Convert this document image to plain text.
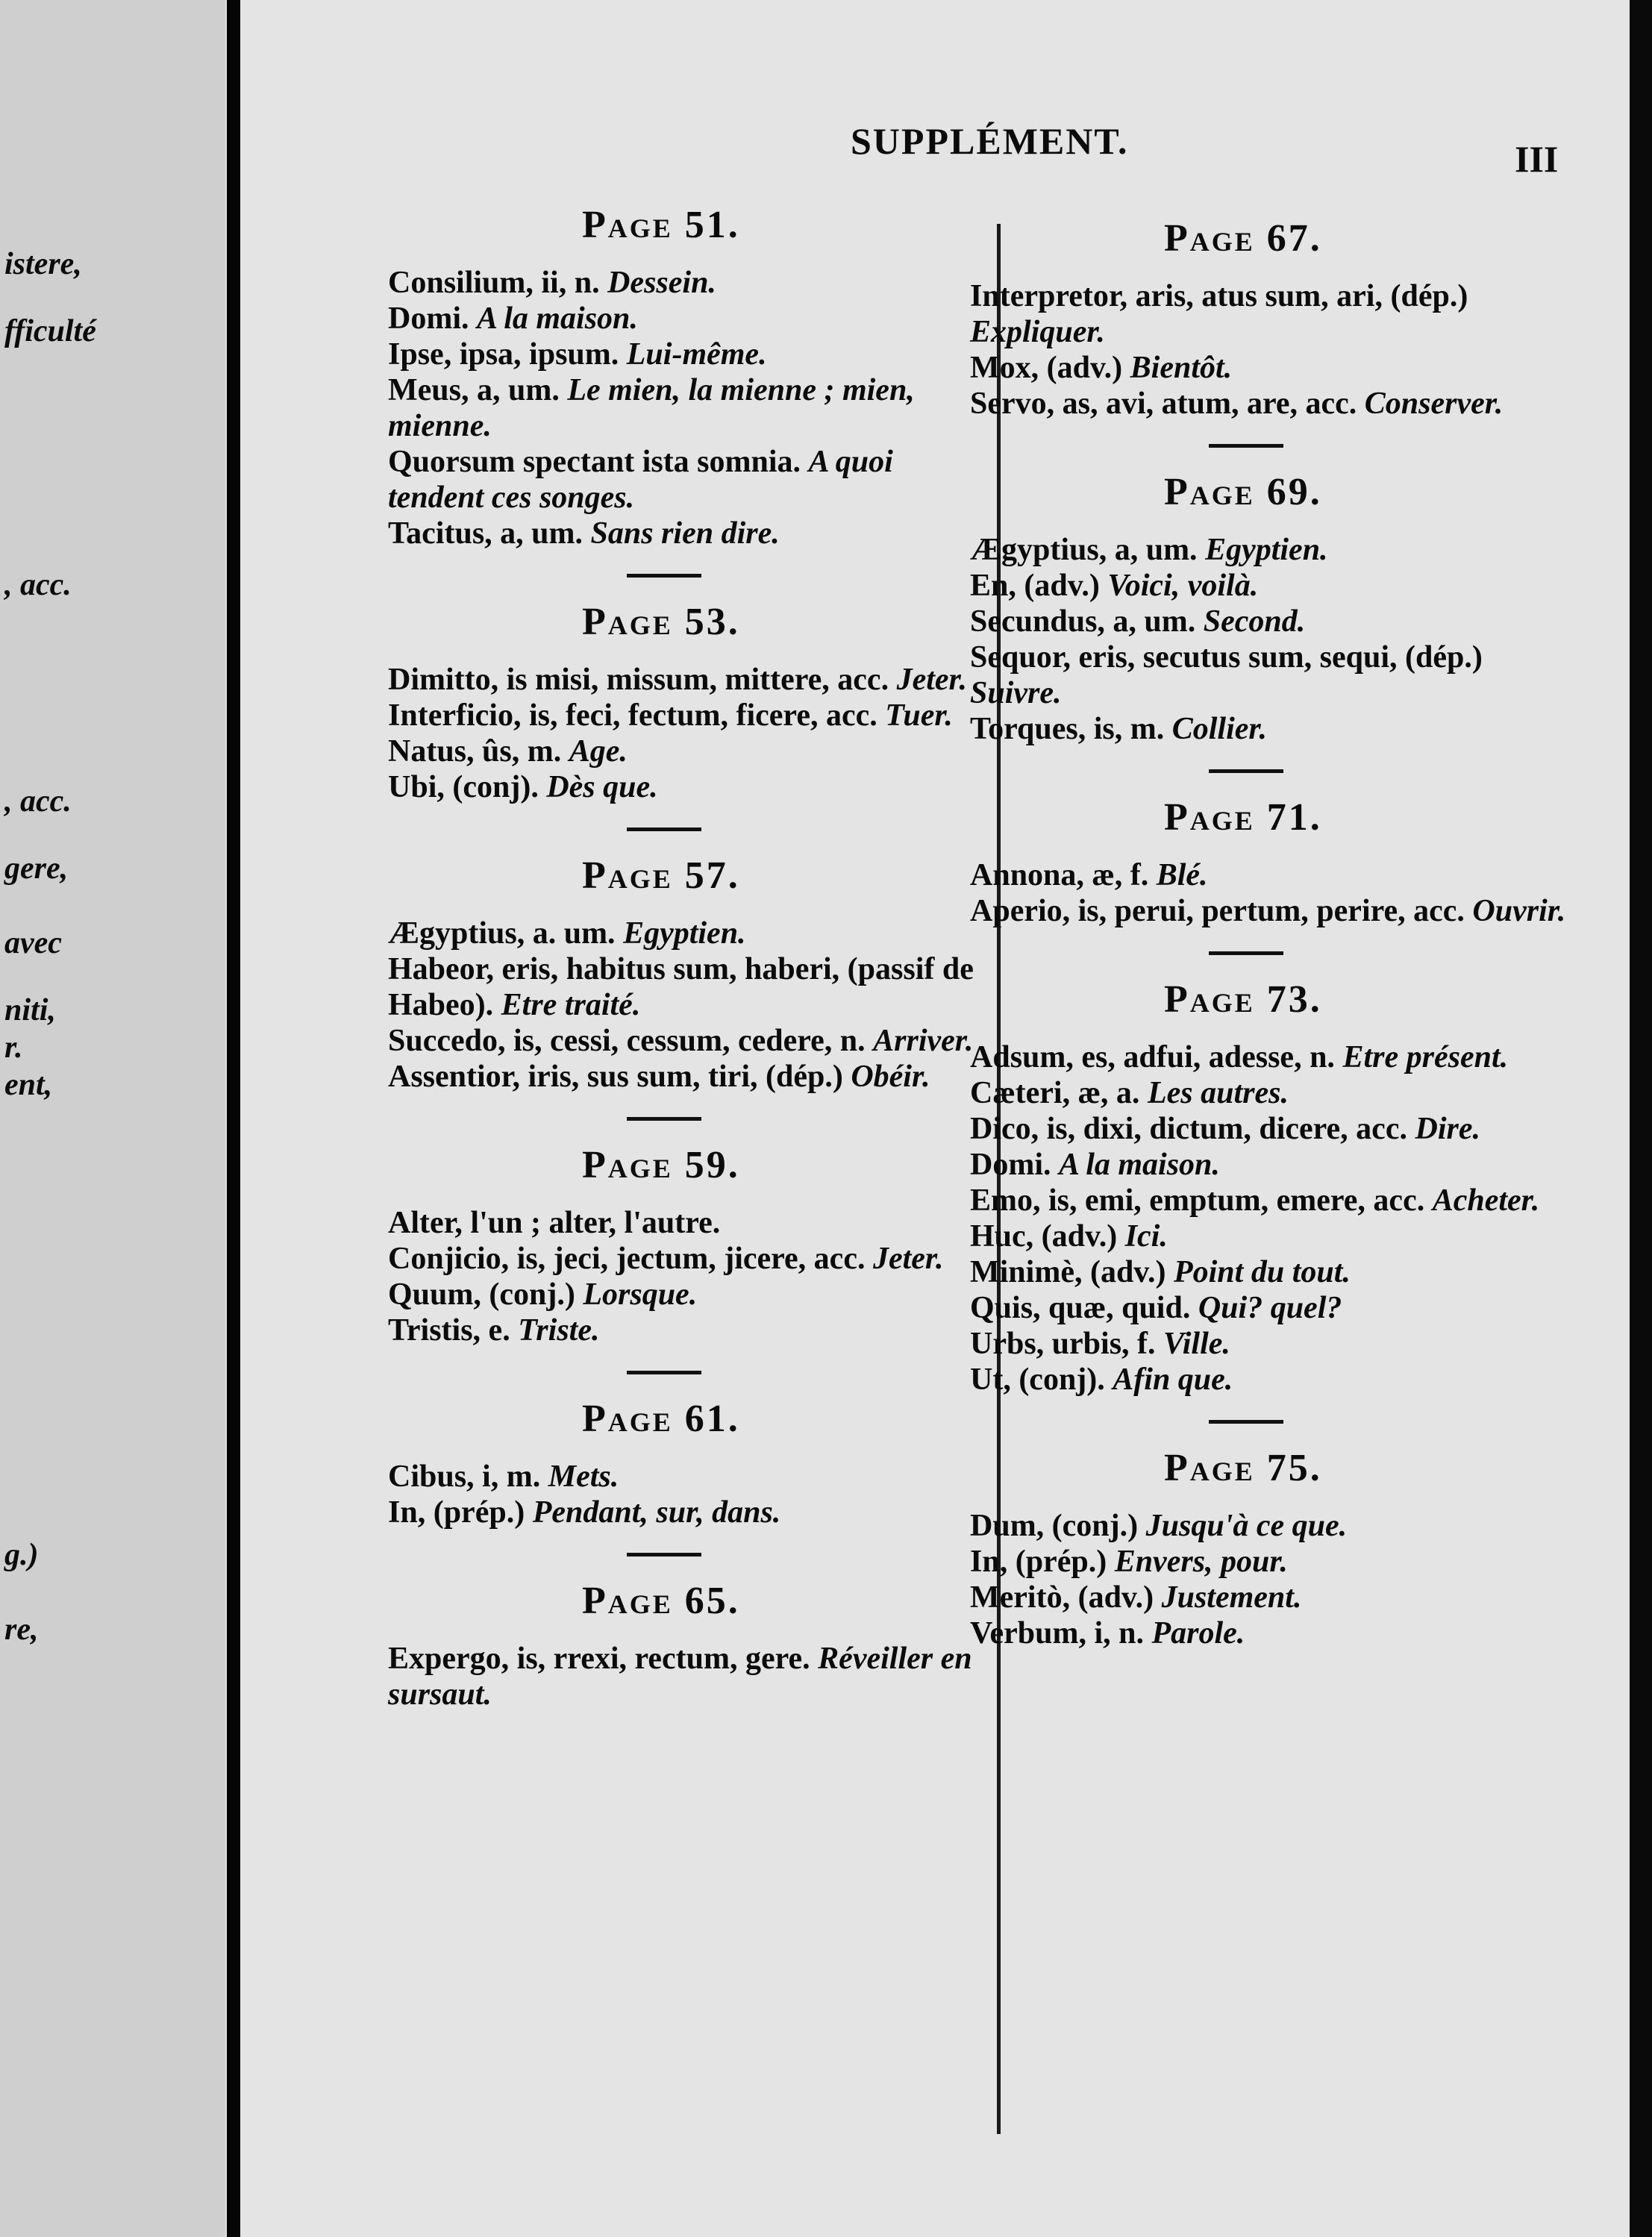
istere,
fficulté
, acc.
, acc.
gere,
avec
niti,
r.
ent,
g.)
re,
SUPPLÉMENT.	III
Page 51.
Consilium, ii, n. Dessein.
Domi. A la maison.
Ipse, ipsa, ipsum. Lui-même.
Meus, a, um. Le mien, la mienne ; mien, mienne.
Quorsum spectant ista somnia. A quoi tendent ces songes.
Tacitus, a, um. Sans rien dire.
Page 53.
Dimitto, is misi, missum, mittere, acc. Jeter.
Interficio, is, feci, fectum, ficere, acc. Tuer.
Natus, ûs, m. Age.
Ubi, (conj). Dès que.
Page 57.
Ægyptius, a. um. Egyptien.
Habeor, eris, habitus sum, haberi, (passif de Habeo). Etre traité.
Succedo, is, cessi, cessum, cedere, n. Arriver.
Assentior, iris, sus sum, tiri, (dép.) Obéir.
Page 59.
Alter, l'un ; alter, l'autre.
Conjicio, is, jeci, jectum, jicere, acc. Jeter.
Quum, (conj.) Lorsque.
Tristis, e. Triste.
Page 61.
Cibus, i, m. Mets.
In, (prép.) Pendant, sur, dans.
Page 65.
Expergo, is, rrexi, rectum, gere. Réveiller en sursaut.
Page 67.
Interpretor, aris, atus sum, ari, (dép.) Expliquer.
Mox, (adv.) Bientôt.
Servo, as, avi, atum, are, acc. Conserver.
Page 69.
Ægyptius, a, um. Egyptien.
En, (adv.) Voici, voilà.
Secundus, a, um. Second.
Sequor, eris, secutus sum, sequi, (dép.) Suivre.
Torques, is, m. Collier.
Page 71.
Annona, æ, f. Blé.
Aperio, is, perui, pertum, perire, acc. Ouvrir.
Page 73.
Adsum, es, adfui, adesse, n. Etre présent.
Cæteri, æ, a. Les autres.
Dico, is, dixi, dictum, dicere, acc. Dire.
Domi. A la maison.
Emo, is, emi, emptum, emere, acc. Acheter.
Huc, (adv.) Ici.
Minimè, (adv.) Point du tout.
Quis, quæ, quid. Qui? quel?
Urbs, urbis, f. Ville.
Ut, (conj). Afin que.
Page 75.
Dum, (conj.) Jusqu'à ce que.
In, (prép.) Envers, pour.
Meritò, (adv.) Justement.
Verbum, i, n. Parole.
